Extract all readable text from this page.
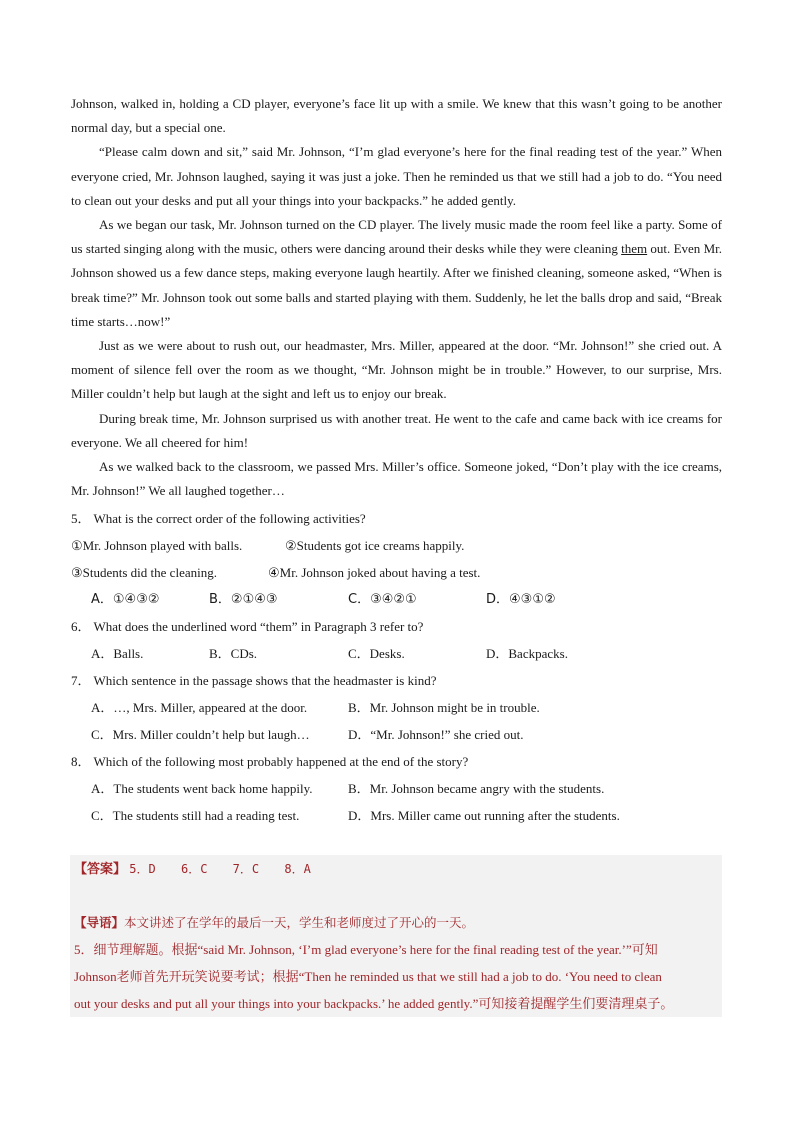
Johnson, walked in, holding a CD player, everyone’s face lit up with a smile. We knew that this wasn’t going to be another normal day, but a special one.

“Please calm down and sit,” said Mr. Johnson, “I’m glad everyone’s here for the final reading test of the year.” When everyone cried, Mr. Johnson laughed, saying it was just a joke. Then he reminded us that we still had a job to do. “You need to clean out your desks and put all your things into your backpacks.” he added gently.

As we began our task, Mr. Johnson turned on the CD player. The lively music made the room feel like a party. Some of us started singing along with the music, others were dancing around their desks while they were cleaning them out. Even Mr. Johnson showed us a few dance steps, making everyone laugh heartily. After we finished cleaning, someone asked, “When is break time?” Mr. Johnson took out some balls and started playing with them. Suddenly, he let the balls drop and said, “Break time starts…now!”

Just as we were about to rush out, our headmaster, Mrs. Miller, appeared at the door. “Mr. Johnson!” she cried out. A moment of silence fell over the room as we thought, “Mr. Johnson might be in trouble.” However, to our surprise, Mrs. Miller couldn’t help but laugh at the sight and left us to enjoy our break.

During break time, Mr. Johnson surprised us with another treat. He went to the cafe and came back with ice creams for everyone. We all cheered for him!

As we walked back to the classroom, we passed Mrs. Miller’s office. Someone joked, “Don’t play with the ice creams, Mr. Johnson!” We all laughed together…

5． What is the correct order of the following activities?

①Mr. Johnson played with balls.	②Students got ice creams happily.
③Students did the cleaning.	④Mr. Johnson joked about having a test.
A．①④③②	B．②①④③	C．③④②①	D．④③①②

6． What does the underlined word “them” in Paragraph 3 refer to?

A．Balls.	B．CDs.	C．Desks.	D．Backpacks.

7． Which sentence in the passage shows that the headmaster is kind?

A．…, Mrs. Miller, appeared at the door.	B．Mr. Johnson might be in trouble.
C．Mrs. Miller couldn’t help but laugh…	D．“Mr. Johnson!” she cried out.

8． Which of the following most probably happened at the end of the story?

A．The students went back home happily.	B．Mr. Johnson became angry with the students.
C．The students still had a reading test.	D．Mrs. Miller came out running after the students.
【答案】 5．D 6．C 7．C 8．A

【导语】本文讲述了在学年的最后一天，学生和老师度过了开心的一天。

5．细节理解题。根据“said Mr. Johnson, ‘I’m glad everyone’s here for the final reading test of the year.’”可知

Johnson老师首先开玩笑说要考试；根据“Then he reminded us that we still had a job to do. ‘You need to clean

out your desks and put all your things into your backpacks.’ he added gently.”可知接着提醒学生们要清理桌子。
